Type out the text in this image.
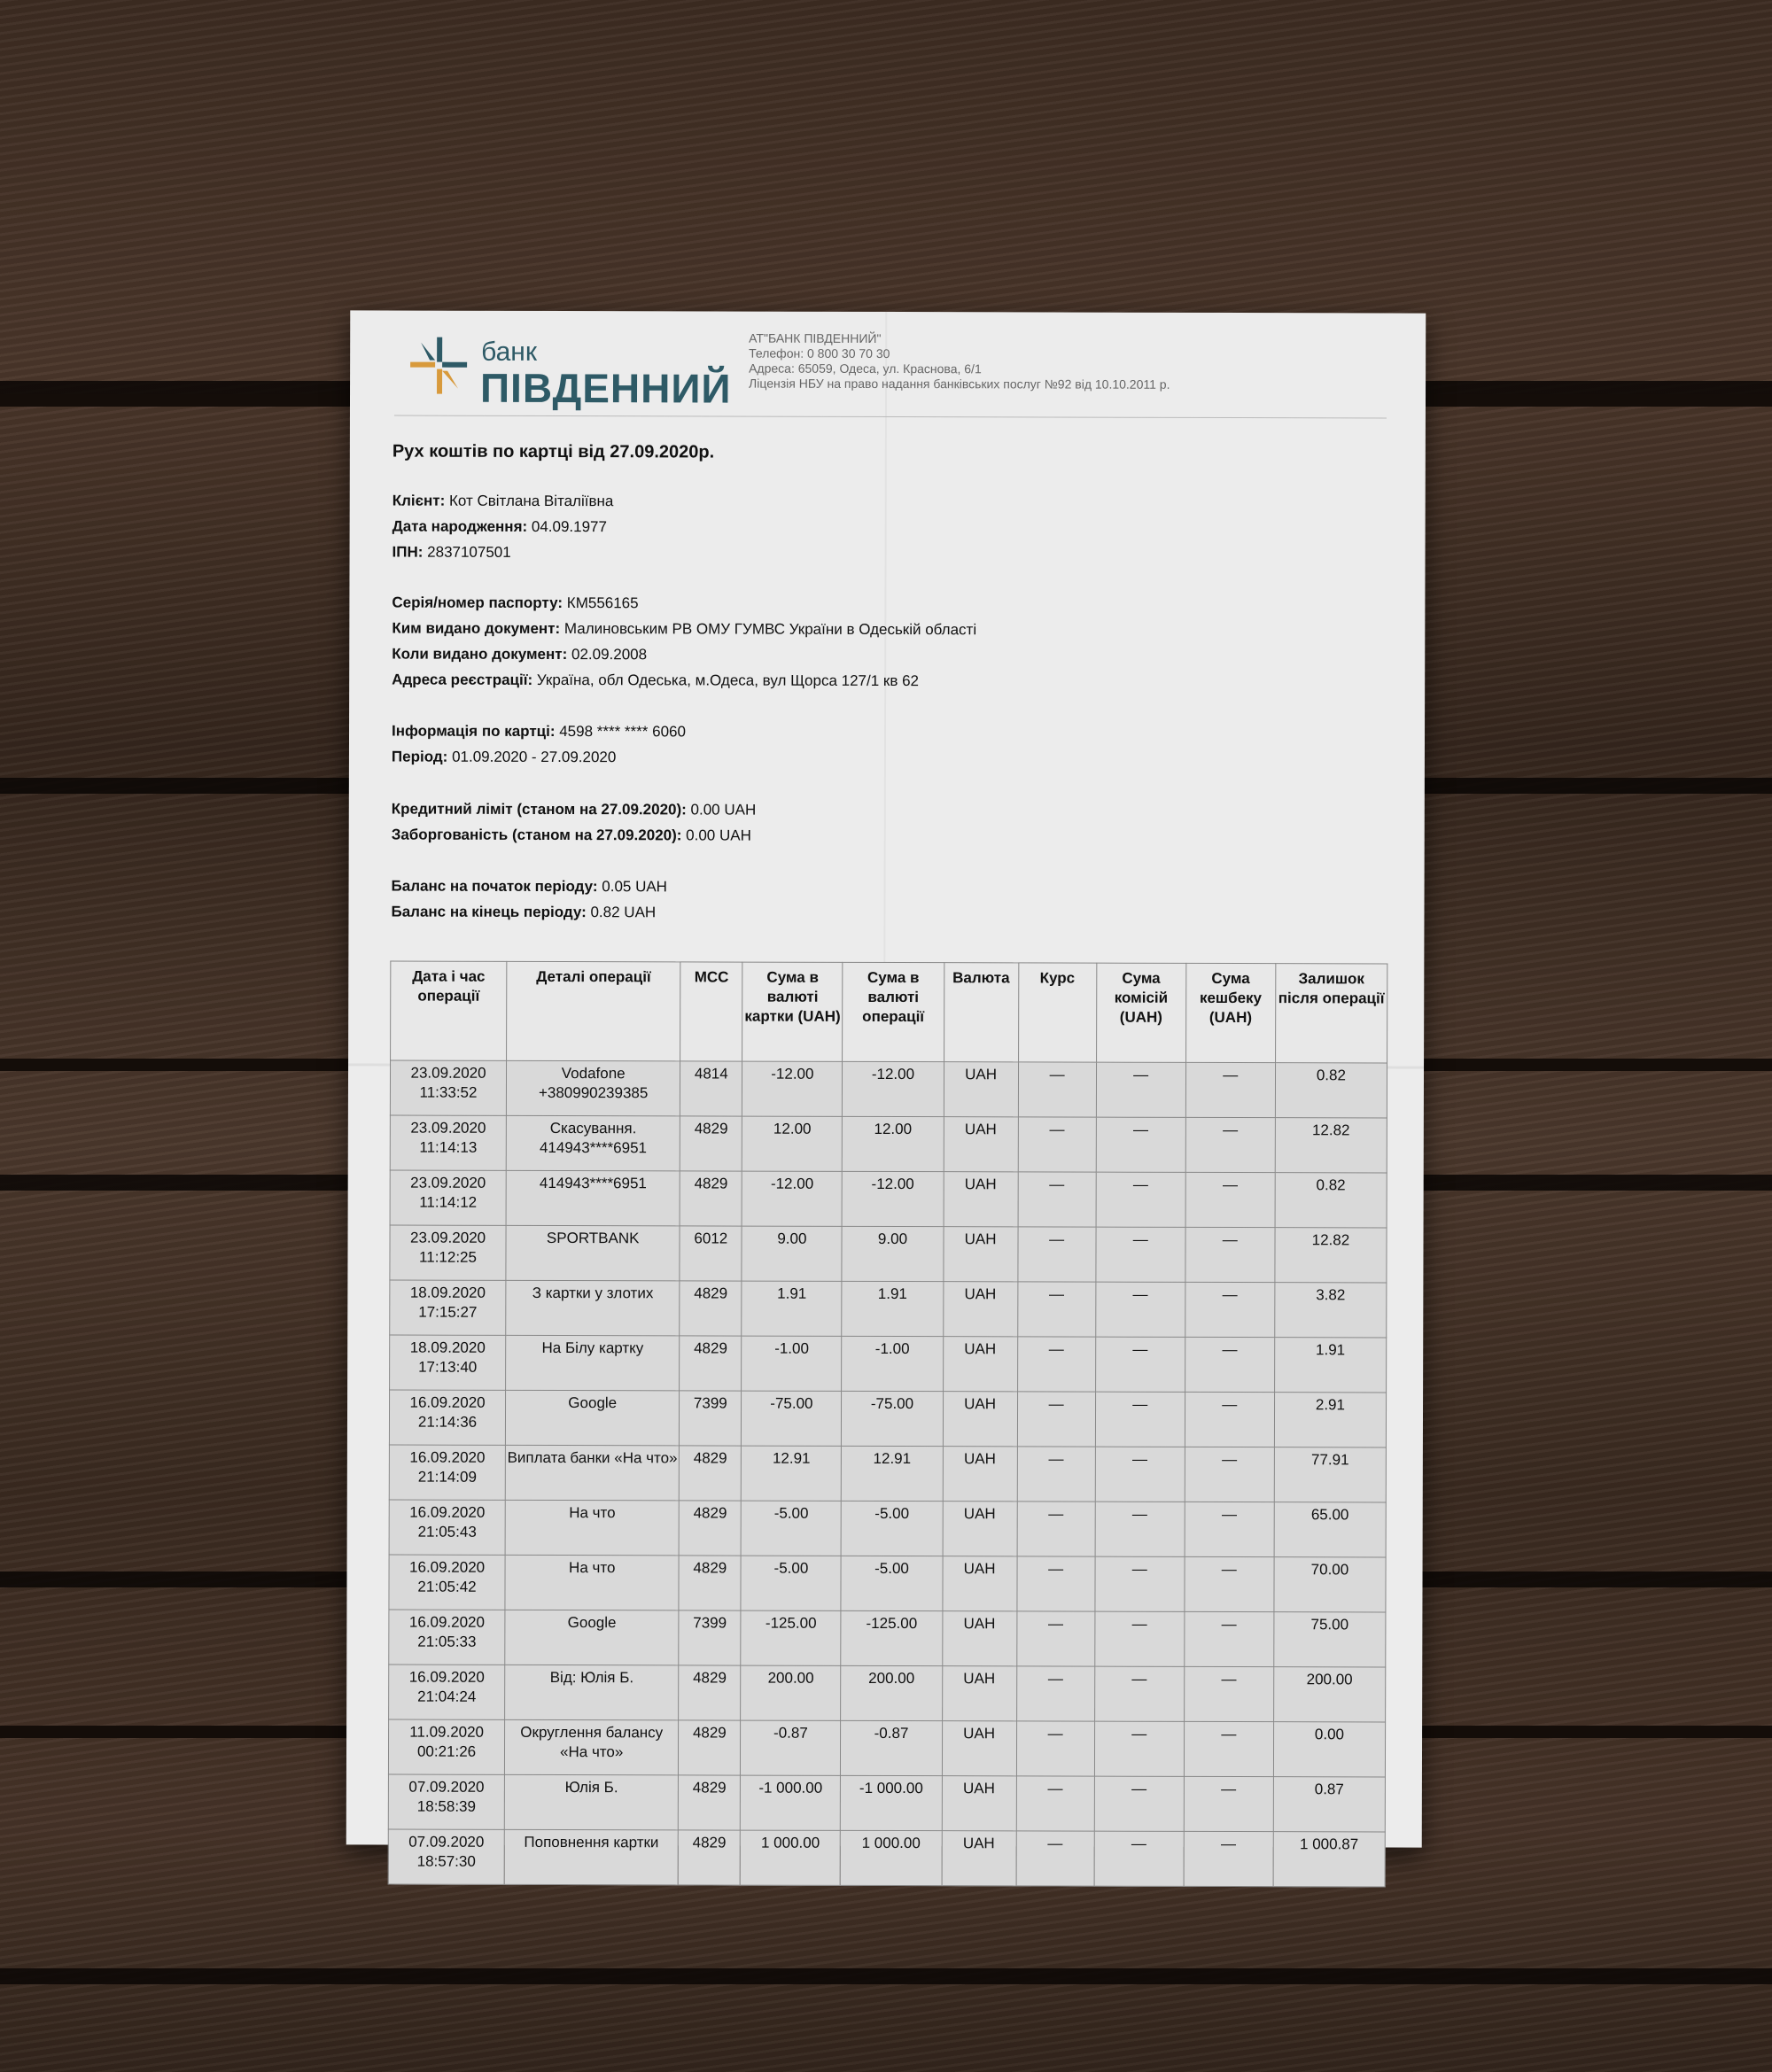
банк
ПІВДЕННИЙ
АТ"БАНК ПІВДЕННИЙ"
Телефон: 0 800 30 70 30
Адреса: 65059, Одеса, ул. Краснова, 6/1
Ліцензія НБУ на право надання банківських послуг №92 від 10.10.2011 р.
Рух коштів по картці від 27.09.2020р.
Клієнт: Кот Світлана Віталіївна
Дата народження: 04.09.1977
ІПН: 2837107501
Серія/номер паспорту: КМ556165
Ким видано документ: Малиновським РВ ОМУ ГУМВС України в Одеській області
Коли видано документ: 02.09.2008
Адреса реєстрації: Україна, обл Одеська, м.Одеса, вул Щорса 127/1 кв 62
Інформація по картці: 4598 **** **** 6060
Період: 01.09.2020 - 27.09.2020
Кредитний ліміт (станом на 27.09.2020): 0.00 UAH
Заборгованість (станом на 27.09.2020): 0.00 UAH
Баланс на початок періоду: 0.05 UAH
Баланс на кінець періоду: 0.82 UAH
Дата і час операції	Деталі операції	MCC	Сума в валюті картки (UAH)	Сума в валюті операції	Валюта	Курс	Сума комісій (UAH)	Сума кешбеку (UAH)	Залишок після операції
23.09.2020 11:33:52	Vodafone +380990239385	4814	-12.00	-12.00	UAH	—	—	—	0.82
23.09.2020 11:14:13	Скасування. 414943****6951	4829	12.00	12.00	UAH	—	—	—	12.82
23.09.2020 11:14:12	414943****6951	4829	-12.00	-12.00	UAH	—	—	—	0.82
23.09.2020 11:12:25	SPORTBANK	6012	9.00	9.00	UAH	—	—	—	12.82
18.09.2020 17:15:27	З картки у злотих	4829	1.91	1.91	UAH	—	—	—	3.82
18.09.2020 17:13:40	На Білу картку	4829	-1.00	-1.00	UAH	—	—	—	1.91
16.09.2020 21:14:36	Google	7399	-75.00	-75.00	UAH	—	—	—	2.91
16.09.2020 21:14:09	Виплата банки «На что»	4829	12.91	12.91	UAH	—	—	—	77.91
16.09.2020 21:05:43	На что	4829	-5.00	-5.00	UAH	—	—	—	65.00
16.09.2020 21:05:42	На что	4829	-5.00	-5.00	UAH	—	—	—	70.00
16.09.2020 21:05:33	Google	7399	-125.00	-125.00	UAH	—	—	—	75.00
16.09.2020 21:04:24	Від: Юлія Б.	4829	200.00	200.00	UAH	—	—	—	200.00
11.09.2020 00:21:26	Округлення балансу «На что»	4829	-0.87	-0.87	UAH	—	—	—	0.00
07.09.2020 18:58:39	Юлія Б.	4829	-1 000.00	-1 000.00	UAH	—	—	—	0.87
07.09.2020 18:57:30	Поповнення картки	4829	1 000.00	1 000.00	UAH	—	—	—	1 000.87
